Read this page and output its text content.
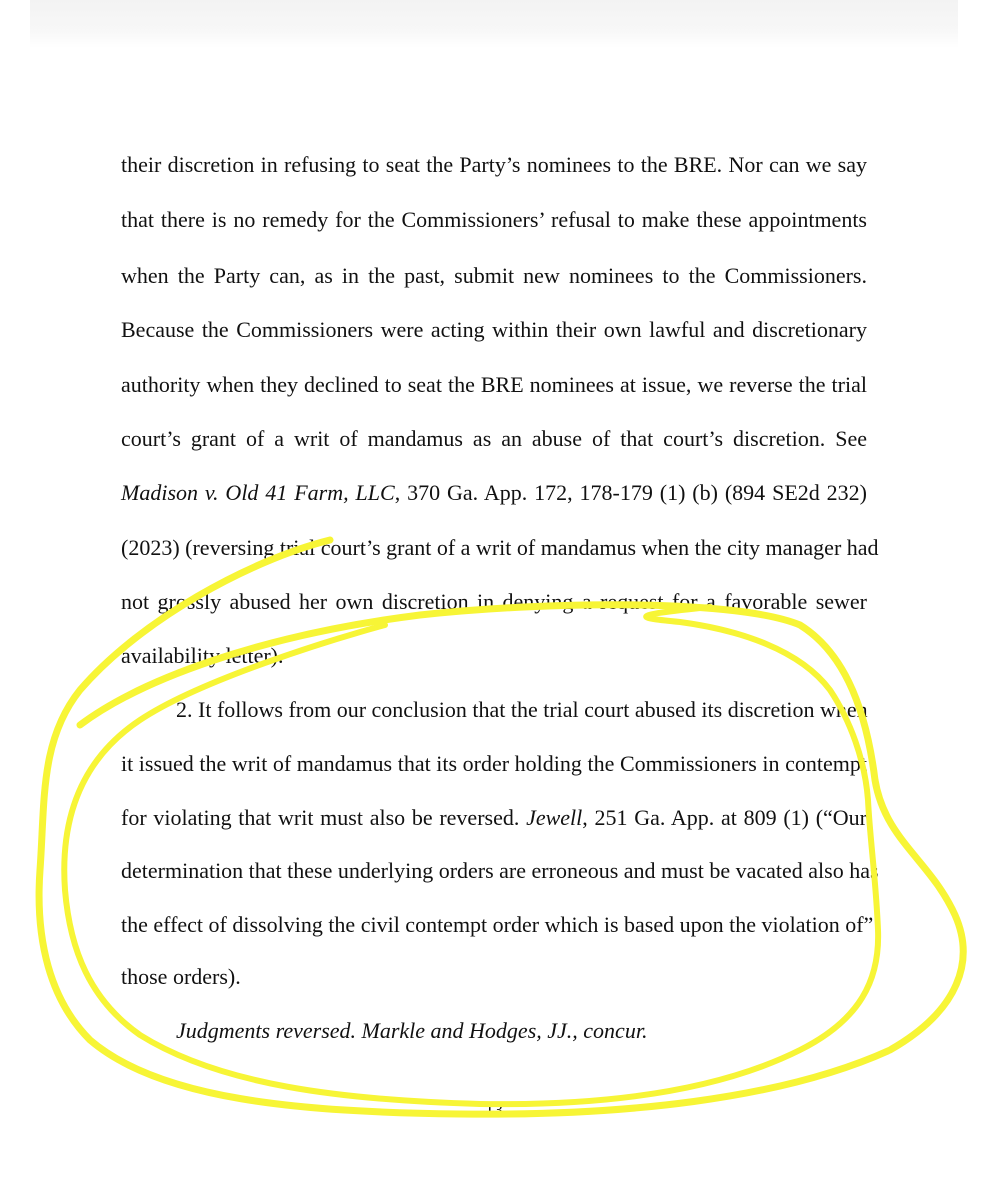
their discretion in refusing to seat the Party’s nominees to the BRE. Nor can we say

that there is no remedy for the Commissioners’ refusal to make these appointments

when the Party can, as in the past, submit new nominees to the Commissioners.

Because the Commissioners were acting within their own lawful and discretionary

authority when they declined to seat the BRE nominees at issue, we reverse the trial

court’s grant of a writ of mandamus as an abuse of that court’s discretion. See

Madison v. Old 41 Farm, LLC, 370 Ga. App. 172, 178-179 (1) (b) (894 SE2d 232)

(2023) (reversing trial court’s grant of a writ of mandamus when the city manager had

not grossly abused her own discretion in denying a request for a favorable sewer

availability letter).

2. It follows from our conclusion that the trial court abused its discretion when

it issued the writ of mandamus that its order holding the Commissioners in contempt

for violating that writ must also be reversed. Jewell, 251 Ga. App. at 809 (1) (“Our

determination that these underlying orders are erroneous and must be vacated also has

the effect of dissolving the civil contempt order which is based upon the violation of”

those orders).

Judgments reversed. Markle and Hodges, JJ., concur.

13
